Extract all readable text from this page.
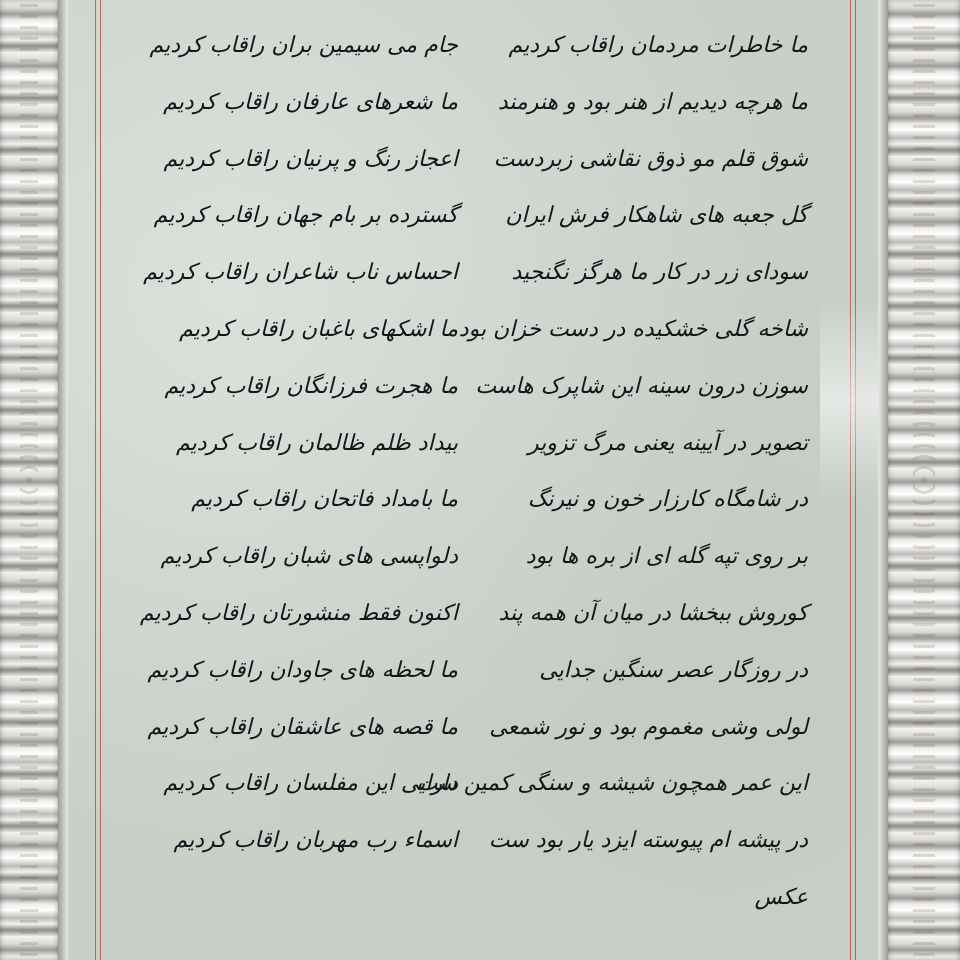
ما خاطرات مردمان راقاب کردیم
ما هرچه دیدیم از هنر بود و هنرمند
شوق قلم مو ذوق نقاشی زبردست
گل جعبه های شاهکار فرش ایران
سودای زر در کار ما هرگز نگنجید
شاخه گلی خشکیده در دست خزان بود
سوزن درون سینه این شاپرک هاست
تصویر در آیینه یعنی مرگ تزویر
در شامگاه کارزار خون و نیرنگ
بر روی تپه گله ای از بره ها بود
کوروش ببخشا در میان آن همه پند
در روزگار عصر سنگین جدایی
لولی وشی مغموم بود و نور شمعی
این عمر همچون شیشه و سنگی کمین ست
در پیشه ام پیوسته ایزد یار بود ست
عکس
جام می سیمین بران راقاب کردیم
ما شعرهای عارفان راقاب کردیم
اعجاز رنگ و پرنیان راقاب کردیم
گسترده بر بام جهان راقاب کردیم
احساس ناب شاعران راقاب کردیم
ما اشکهای باغبان راقاب کردیم
ما هجرت فرزانگان راقاب کردیم
بیداد ظلم ظالمان راقاب کردیم
ما بامداد فاتحان راقاب کردیم
دلواپسی های شبان راقاب کردیم
اکنون فقط منشورتان راقاب کردیم
ما لحظه های جاودان راقاب کردیم
ما قصه های عاشقان راقاب کردیم
دارایی این مفلسان راقاب کردیم
اسماء رب مهربان راقاب کردیم
